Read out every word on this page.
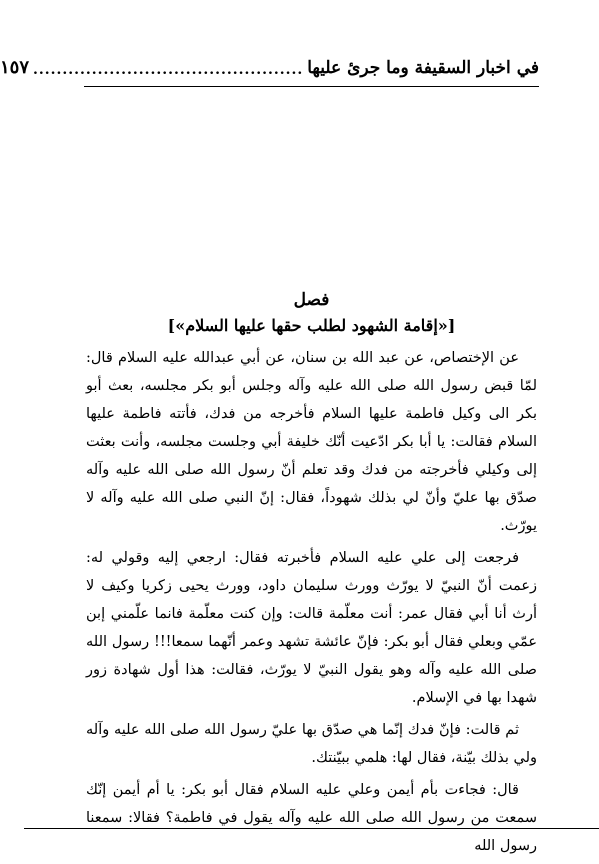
في اخبار السقيفة وما جرئ عليها
..............................................
١٥٧
فصل
[«إقامة الشهود لطلب حقها عليها السلام»]

عن الإختصاص، عن عبد الله بن سنان، عن أبي عبدالله عليه السلام قال: لمّا قبض رسول الله صلى الله عليه وآله وجلس أبو بكر مجلسه، بعث أبو بكر الى وكيل فاطمة عليها السلام فأخرجه من فدك، فأتته فاطمة عليها السلام فقالت: يا أبا بكر ادّعيت أنّك خليفة أبي وجلست مجلسه، وأنت بعثت إلى وكيلي فأخرجته من فدك وقد تعلم أنّ رسول الله صلى الله عليه وآله صدّق بها عليّ وأنّ لي بذلك شهوداً، فقال: إنّ النبي صلى الله عليه وآله لا يورّث.

فرجعت إلى علي عليه السلام فأخبرته فقال: ارجعي إليه وقولي له: زعمت أنّ النبيّ لا يورّث وورث سليمان داود، وورث يحيى زكريا وكيف لا أرث أنا أبي فقال عمر: أنت معلّمة قالت: وإن كنت معلّمة فانما علّمني إبن عمّي وبعلي فقال أبو بكر: فإنّ عائشة تشهد وعمر أنّهما سمعا!!! رسول الله صلى الله عليه وآله وهو يقول النبيّ لا يورّث، فقالت: هذا أول شهادة زور شهدا بها في الإسلام.

ثم قالت: فإنّ فدك إنّما هي صدّق بها عليّ رسول الله صلى الله عليه وآله ولي بذلك بيّنة، فقال لها: هلمي ببيّنتك.

قال: فجاءت بأم أيمن وعلي عليه السلام فقال أبو بكر: يا أم أيمن إنّك سمعت من رسول الله صلى الله عليه وآله يقول في فاطمة؟ فقالا: سمعنا رسول الله
